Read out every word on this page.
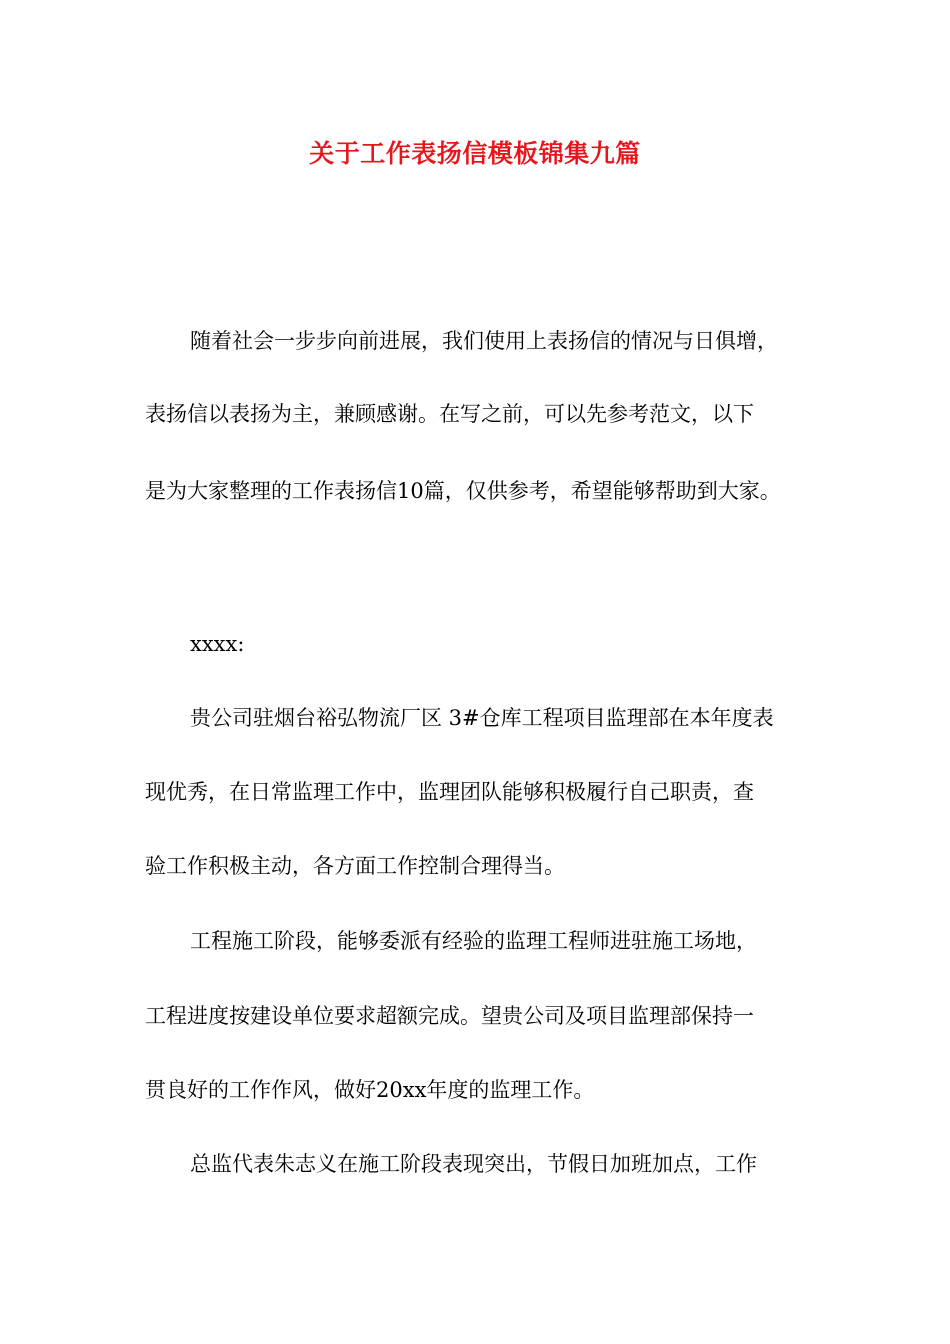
关于工作表扬信模板锦集九篇
随着社会一步步向前进展，我们使用上表扬信的情况与日俱增，
表扬信以表扬为主，兼顾感谢。在写之前，可以先参考范文，以下
是为大家整理的工作表扬信10篇，仅供参考，希望能够帮助到大家。
xxxx:
贵公司驻烟台裕弘物流厂区 3#仓库工程项目监理部在本年度表
现优秀，在日常监理工作中，监理团队能够积极履行自己职责，查
验工作积极主动，各方面工作控制合理得当。
工程施工阶段，能够委派有经验的监理工程师进驻施工场地，
工程进度按建设单位要求超额完成。望贵公司及项目监理部保持一
贯良好的工作作风，做好20xx年度的监理工作。
总监代表朱志义在施工阶段表现突出，节假日加班加点，工作
